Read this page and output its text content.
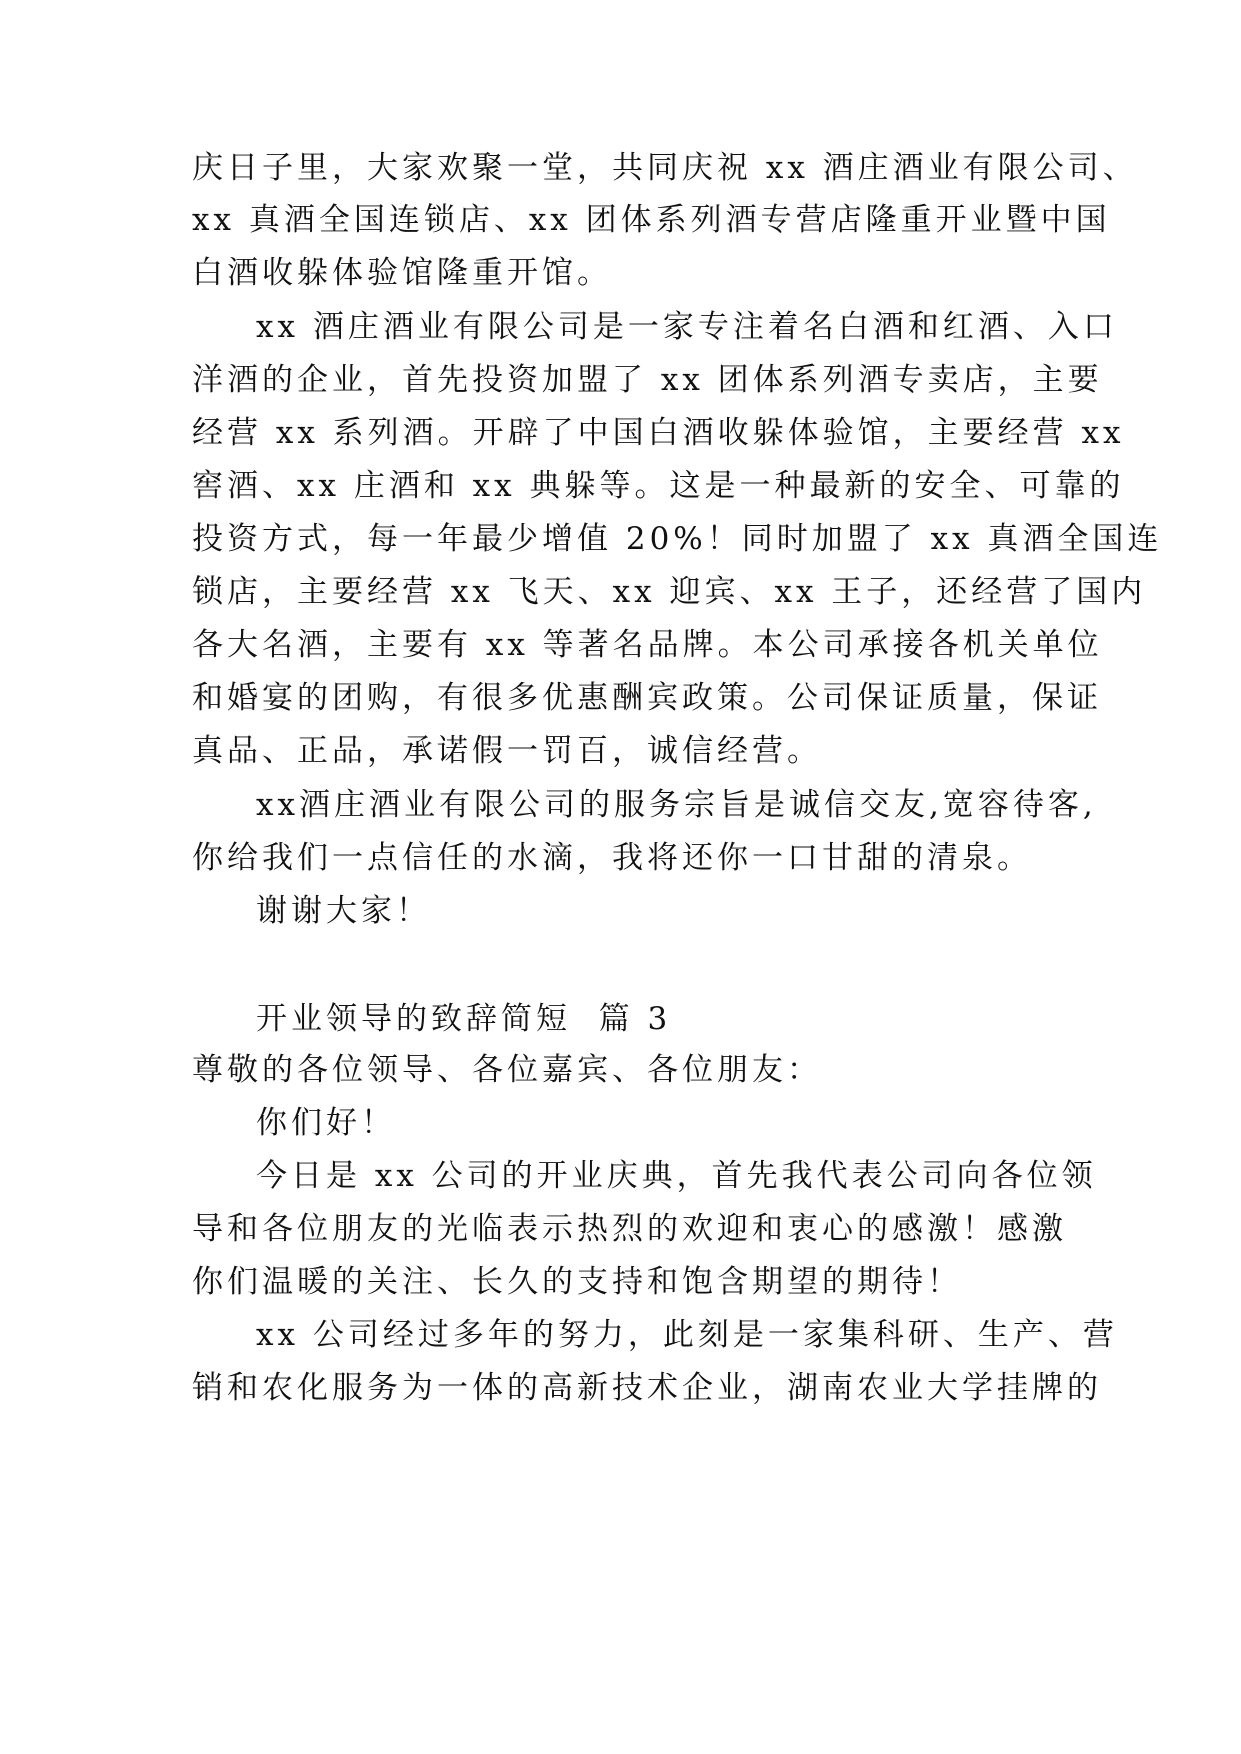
庆日子里，大家欢聚一堂，共同庆祝 xx 酒庄酒业有限公司、
xx 真酒全国连锁店、xx 团体系列酒专营店隆重开业暨中国
白酒收躲体验馆隆重开馆。
xx 酒庄酒业有限公司是一家专注着名白酒和红酒、入口
洋酒的企业，首先投资加盟了 xx 团体系列酒专卖店，主要
经营 xx 系列酒。开辟了中国白酒收躲体验馆，主要经营 xx
窖酒、xx 庄酒和 xx 典躲等。这是一种最新的安全、可靠的
投资方式，每一年最少增值 20%！同时加盟了 xx 真酒全国连
锁店，主要经营 xx 飞天、xx 迎宾、xx 王子，还经营了国内
各大名酒，主要有 xx 等著名品牌。本公司承接各机关单位
和婚宴的团购，有很多优惠酬宾政策。公司保证质量，保证
真品、正品，承诺假一罚百，诚信经营。
xx酒庄酒业有限公司的服务宗旨是诚信交友,宽容待客,
你给我们一点信任的水滴，我将还你一口甘甜的清泉。
谢谢大家！
开业领导的致辞简短  篇 3
尊敬的各位领导、各位嘉宾、各位朋友：
你们好！
今日是 xx 公司的开业庆典，首先我代表公司向各位领
导和各位朋友的光临表示热烈的欢迎和衷心的感激！感激
你们温暖的关注、长久的支持和饱含期望的期待！
xx 公司经过多年的努力，此刻是一家集科研、生产、营
销和农化服务为一体的高新技术企业，湖南农业大学挂牌的
